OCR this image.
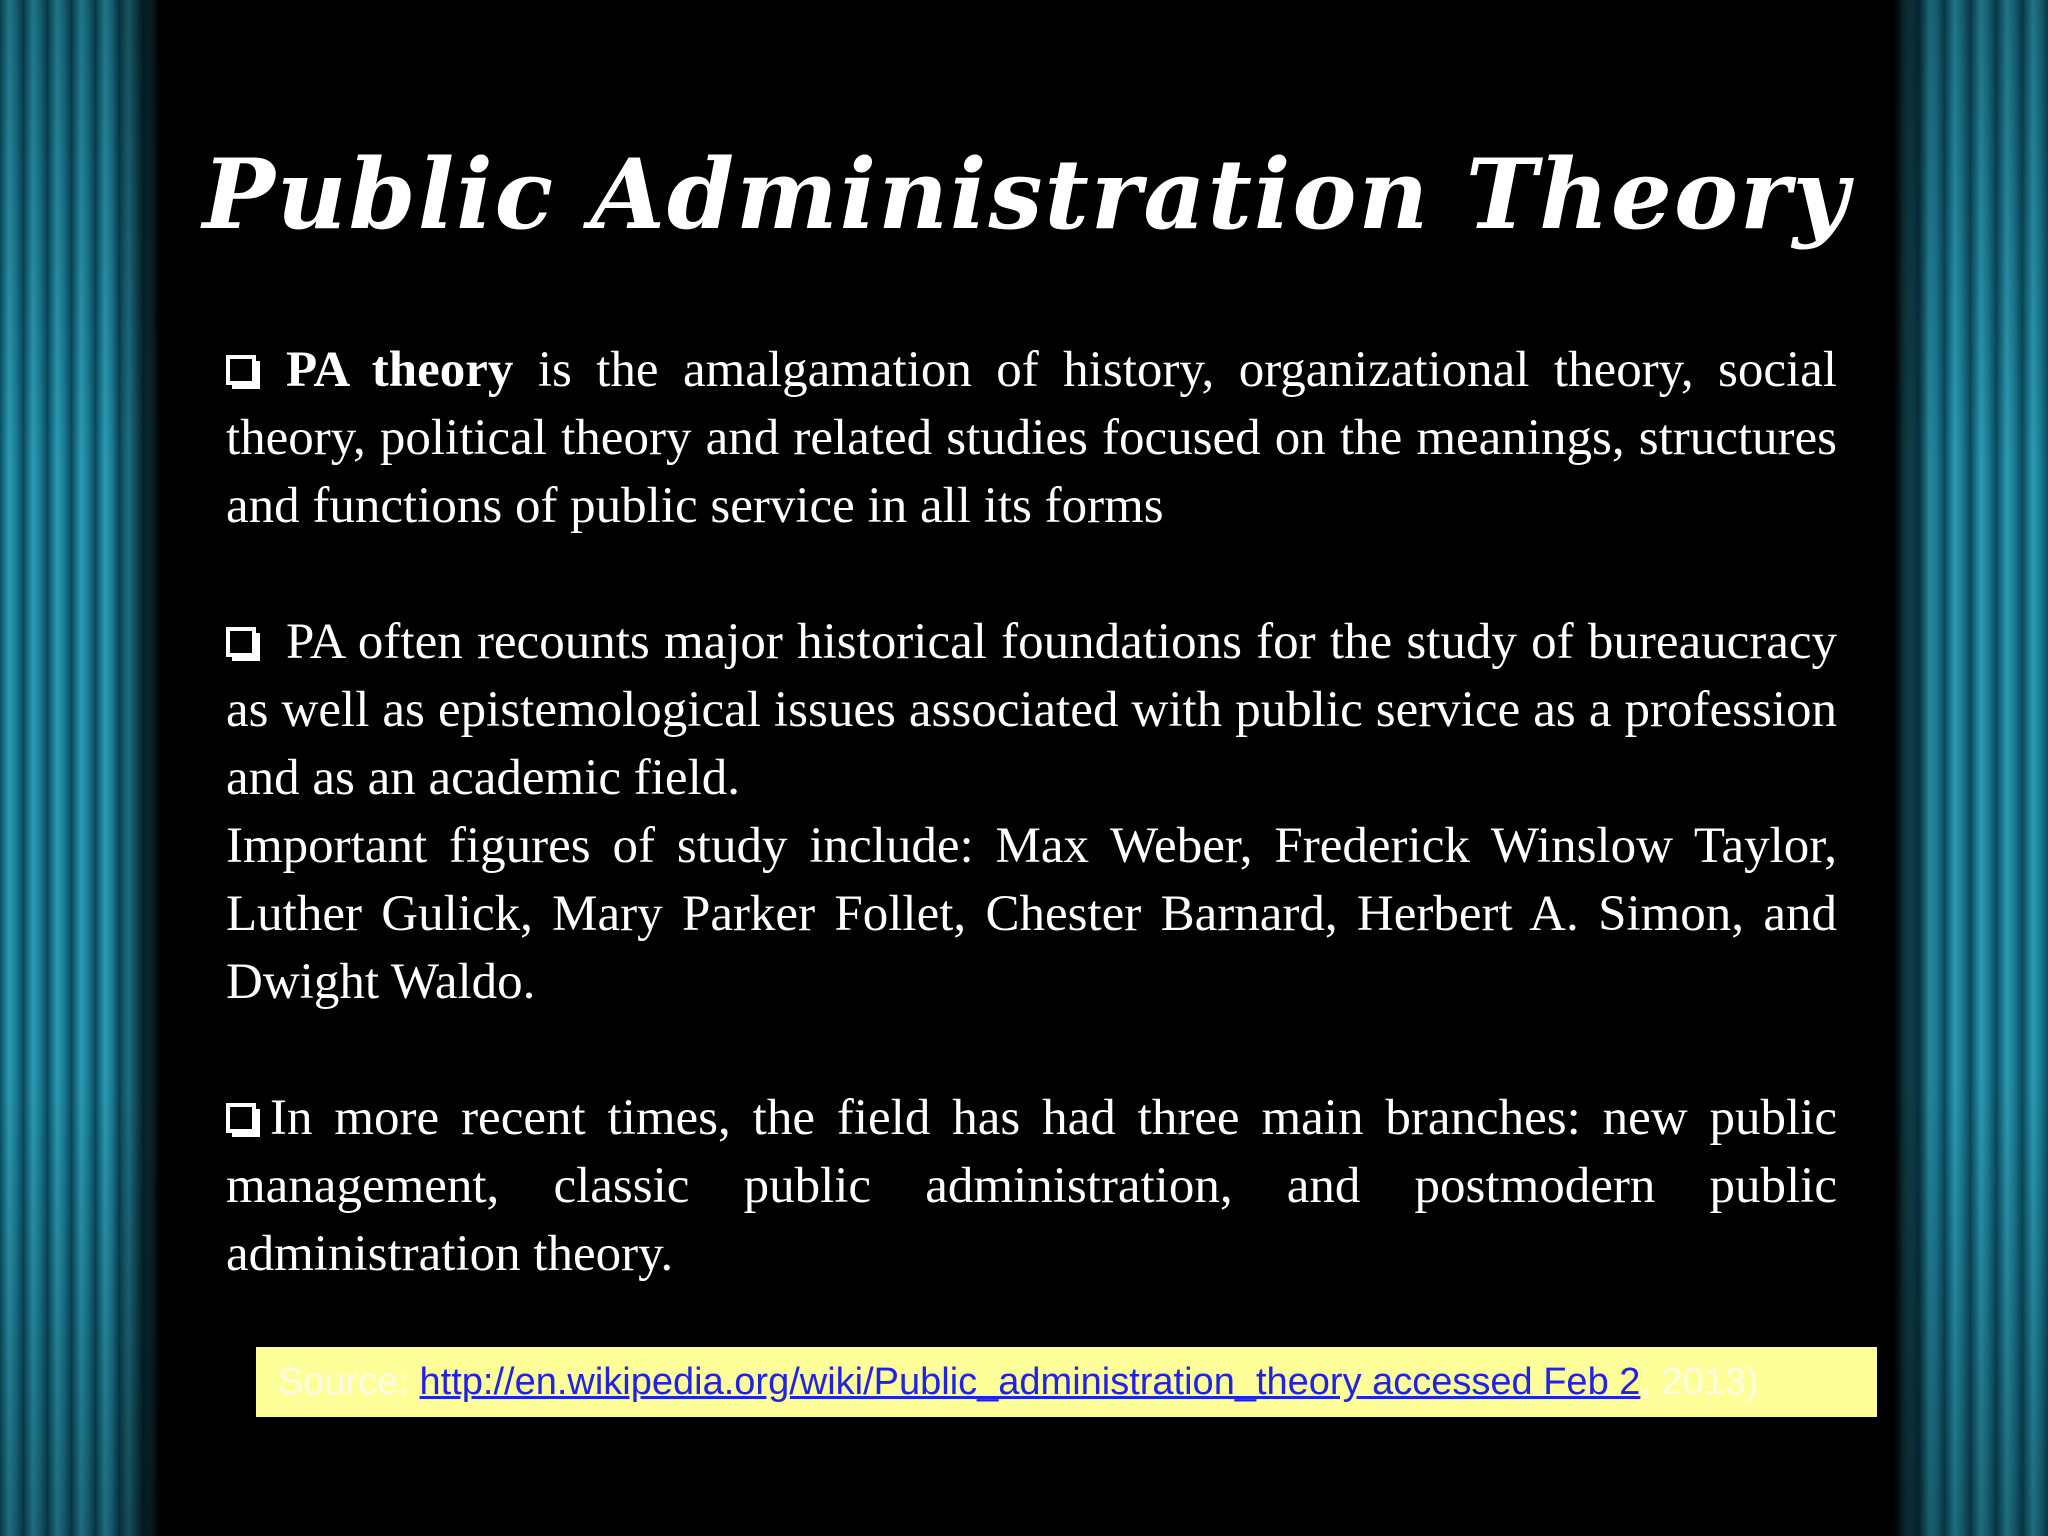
Public Administration Theory

PA theory is the amalgamation of history, organizational theory, social theory, political theory and related studies focused on the meanings, structures and functions of public service in all its forms

PA often recounts major historical foundations for the study of bureaucracy as well as epistemological issues associated with public service as a profession and as an academic field.

Important figures of study include: Max Weber, Frederick Winslow Taylor, Luther Gulick, Mary Parker Follet, Chester Barnard, Herbert A. Simon, and Dwight Waldo.

In more recent times, the field has had three main branches: new public management, classic public administration, and postmodern public administration theory.

Source: http://en.wikipedia.org/wiki/Public_administration_theory accessed Feb 2, 2013)
